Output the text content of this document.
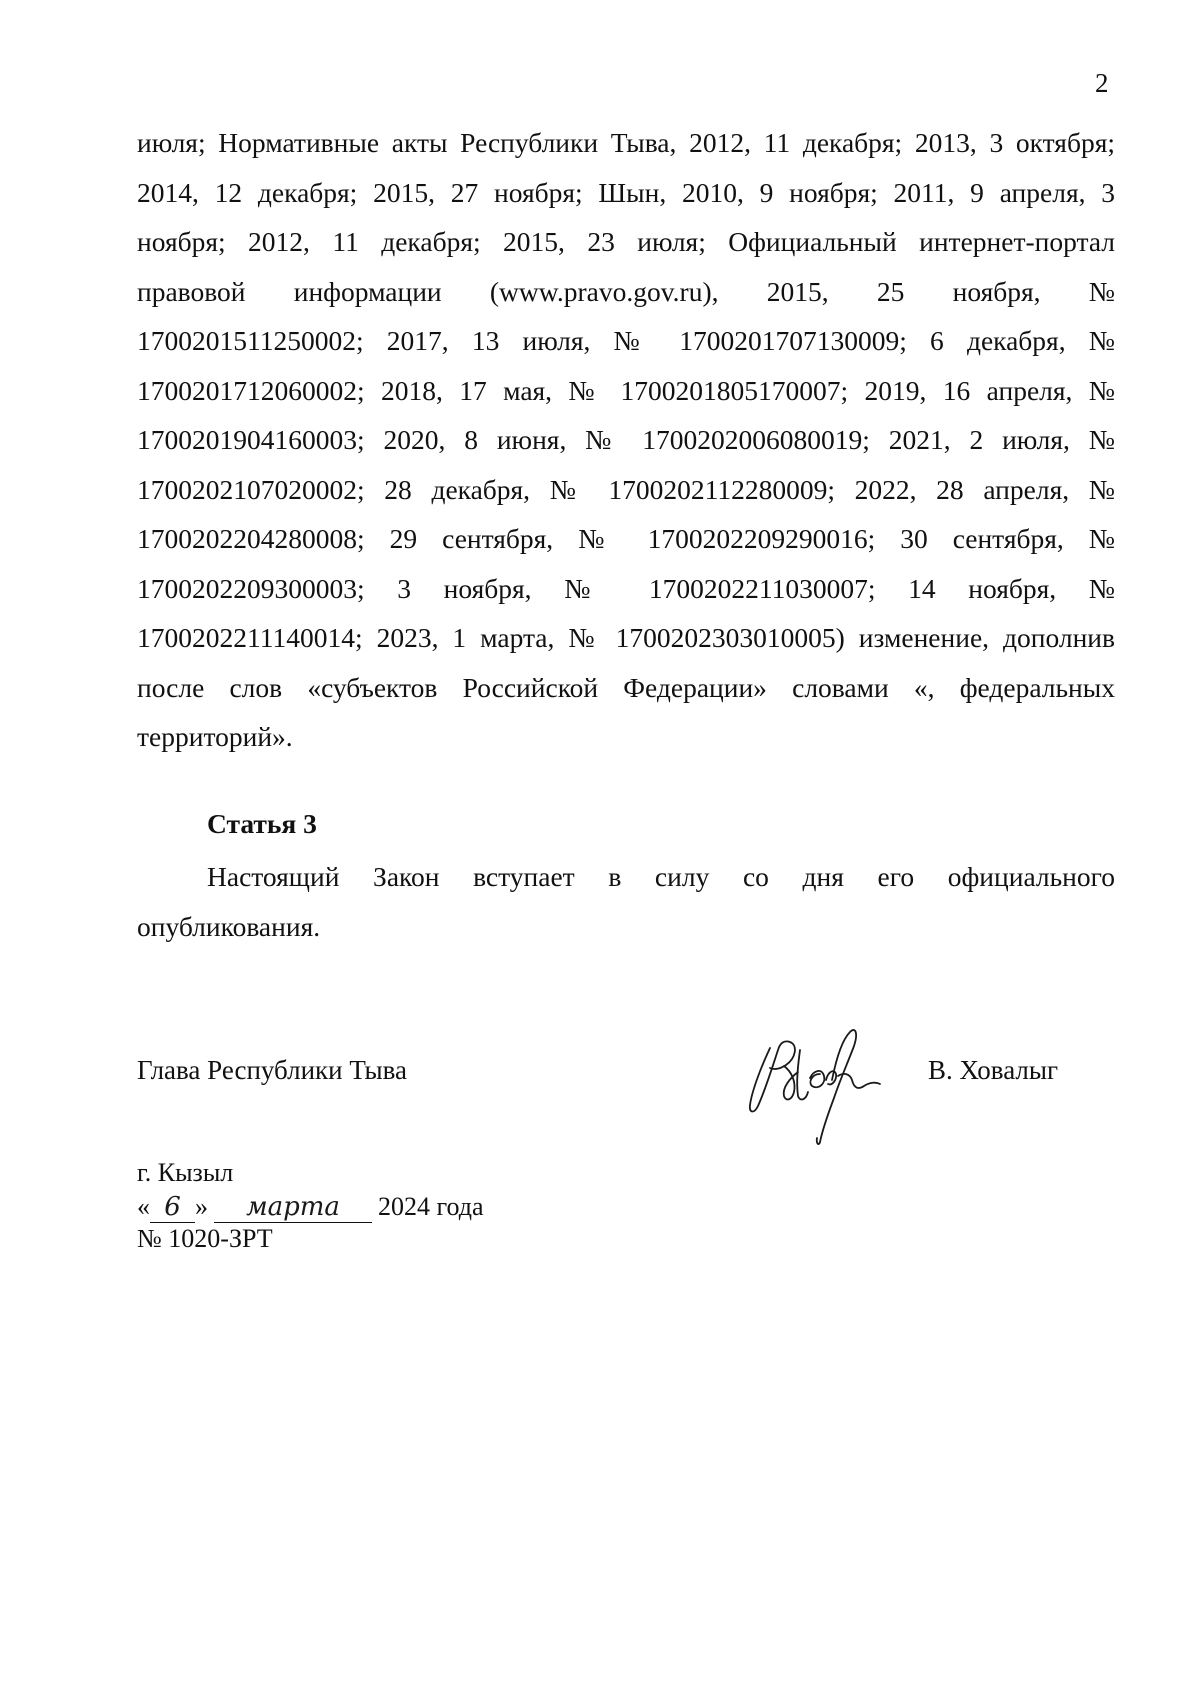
2
июля; Нормативные акты Республики Тыва, 2012, 11 декабря; 2013, 3 октября;
2014, 12 декабря; 2015, 27 ноября; Шын, 2010, 9 ноября; 2011, 9 апреля, 3
ноября; 2012, 11 декабря; 2015, 23 июля; Официальный интернет-портал
правовой информации (www.pravo.gov.ru), 2015, 25 ноября, №
1700201511250002; 2017, 13 июля, № 1700201707130009; 6 декабря, №
1700201712060002; 2018, 17 мая, № 1700201805170007; 2019, 16 апреля, №
1700201904160003; 2020, 8 июня, № 1700202006080019; 2021, 2 июля, №
1700202107020002; 28 декабря, № 1700202112280009; 2022, 28 апреля, №
1700202204280008; 29 сентября, № 1700202209290016; 30 сентября, №
1700202209300003; 3 ноября, № 1700202211030007; 14 ноября, №
1700202211140014; 2023, 1 марта, № 1700202303010005) изменение, дополнив
после слов «субъектов Российской Федерации» словами «, федеральных
территорий».
Статья 3
Настоящий Закон вступает в силу со дня его официального
опубликования.
Глава Республики Тыва	В. Ховалыг
г. Кызыл
« 6 » марта 2024 года
№ 1020-ЗРТ
